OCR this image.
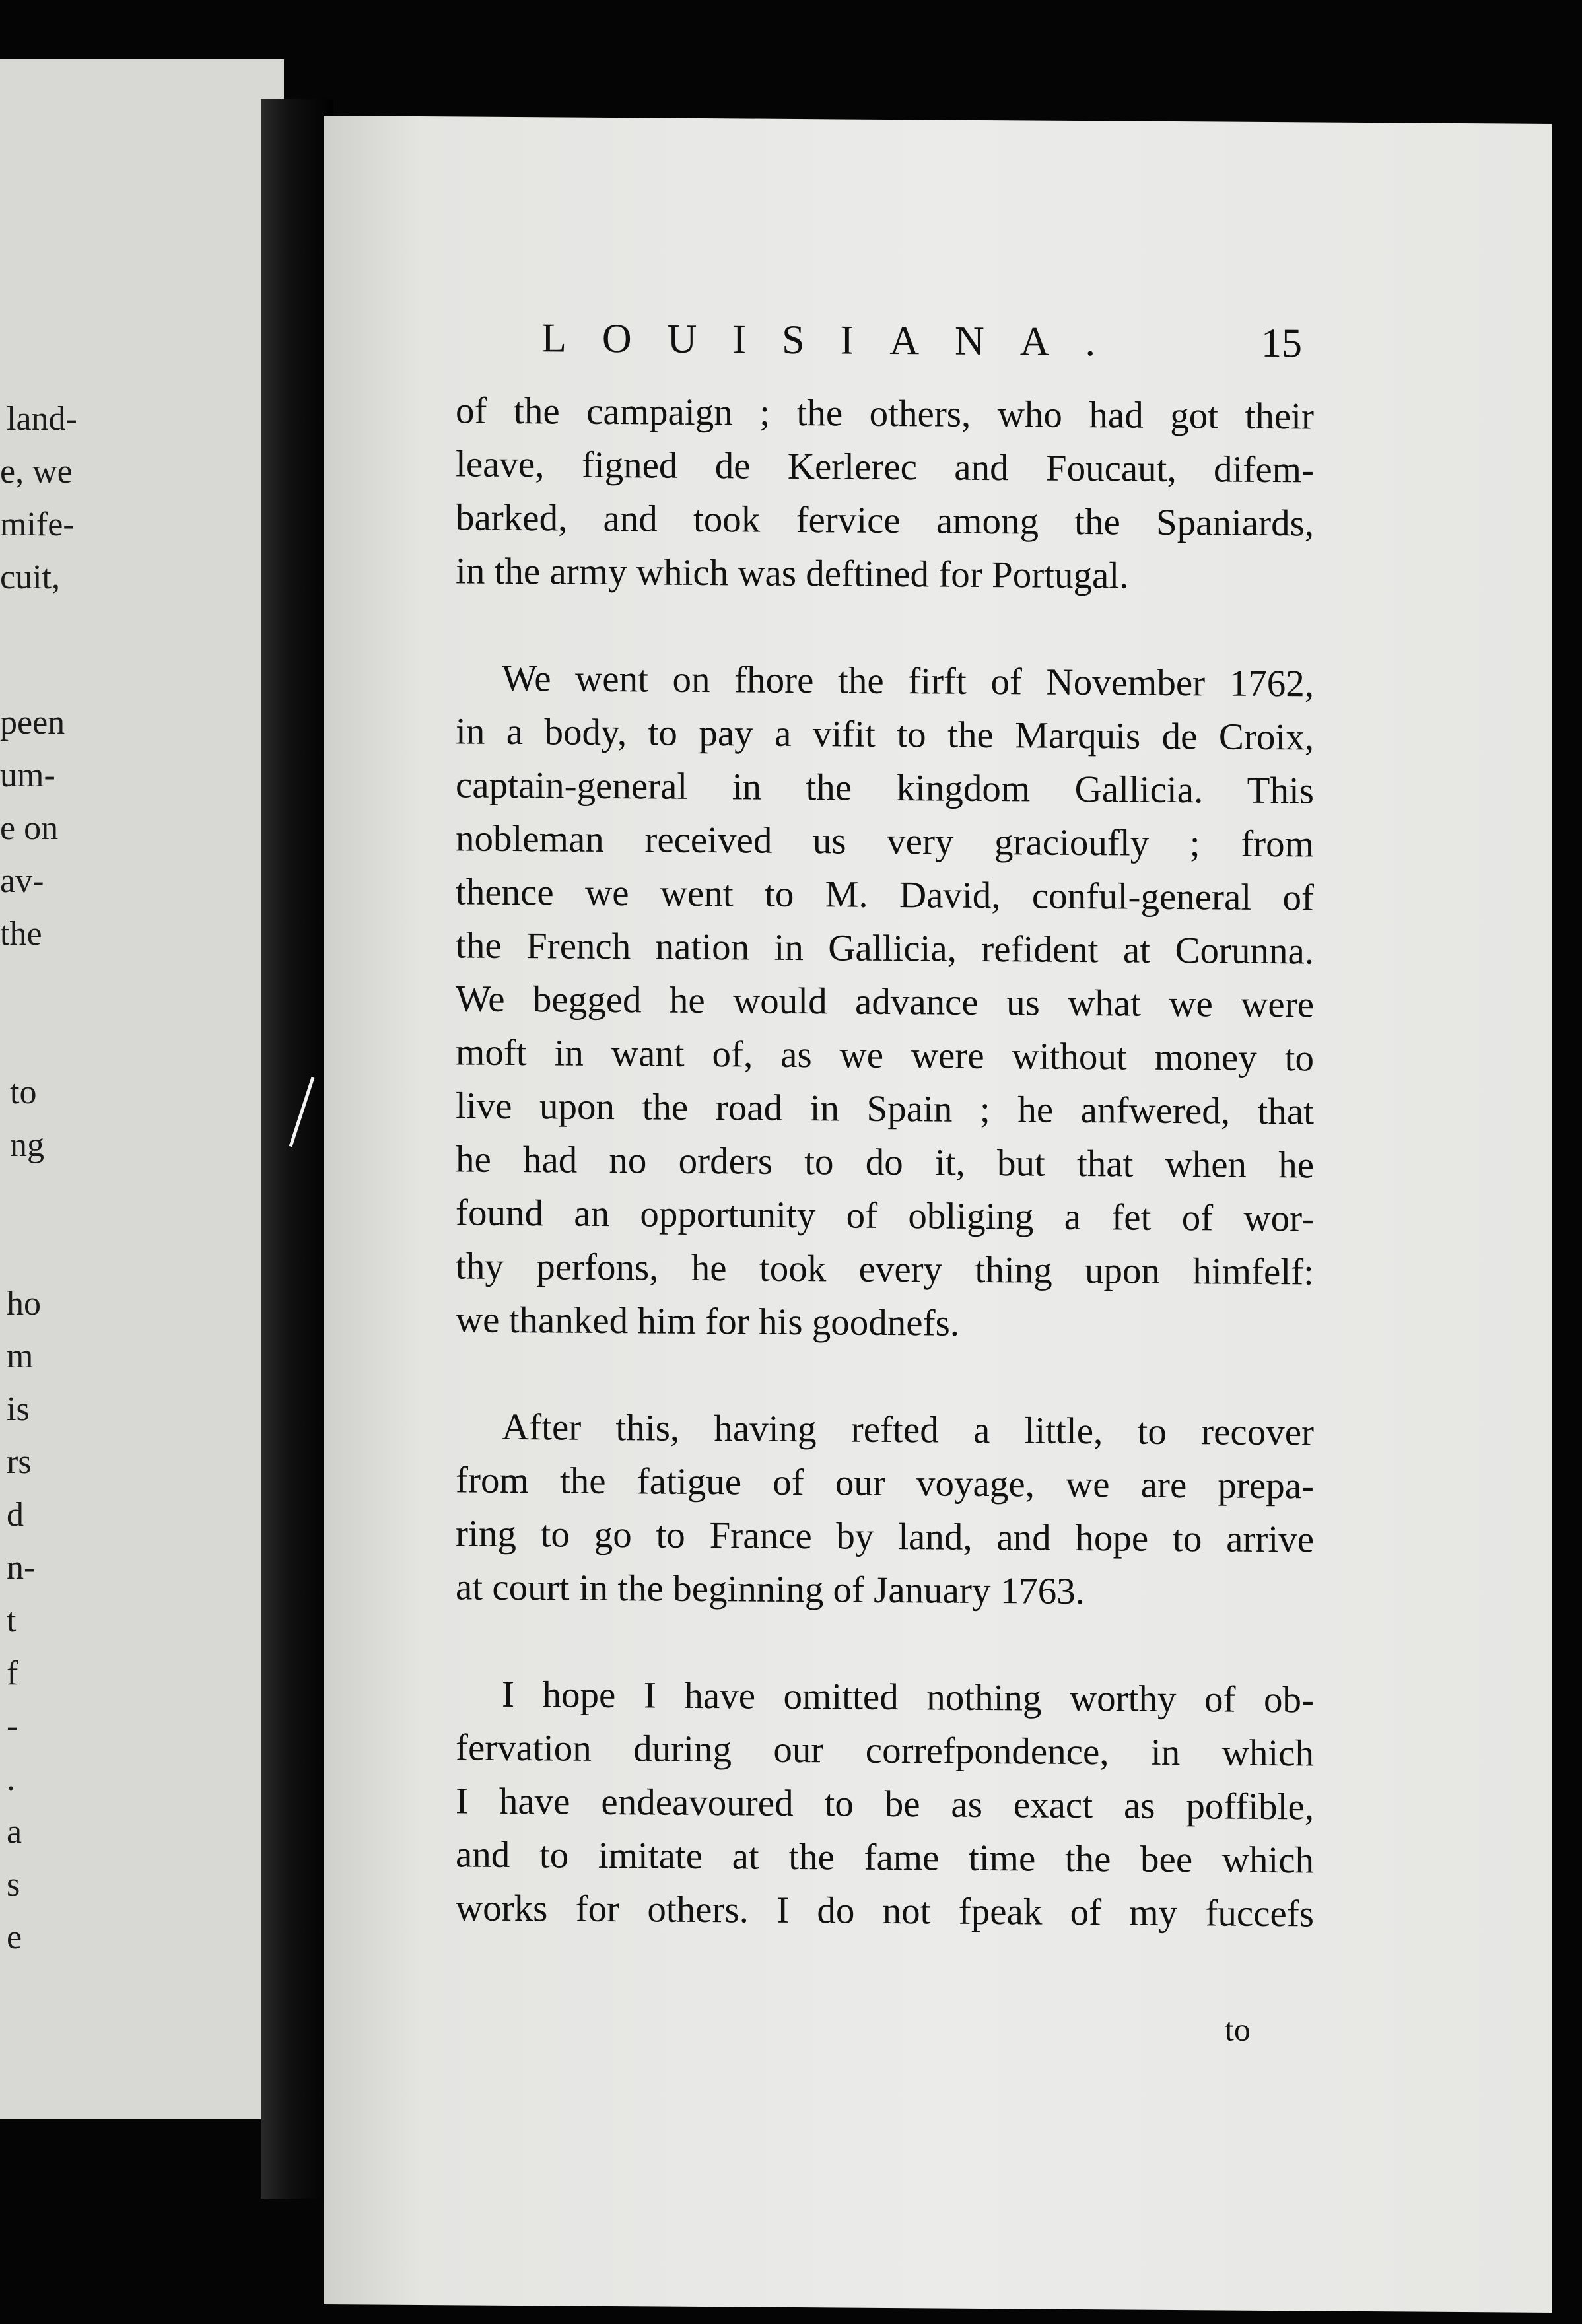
land-
e, we
mife-
cuit,
peen
um-
e on
av-
the
to
ng
ho
m
is
rs
d
n-
t
f
-
.
a
s
e
LOUISIANA.	15

of the campaign ; the others, who had got their

leave, figned de Kerlerec and Foucaut, difem-

barked, and took fervice among the Spaniards,

in the army which was deftined for Portugal.

We went on fhore the firft of November 1762,

in a body, to pay a vifit to the Marquis de Croix,

captain-general in the kingdom Gallicia. This

nobleman received us very gracioufly ; from

thence we went to M. David, conful-general of

the French nation in Gallicia, refident at Corunna.

We begged he would advance us what we were

moft in want of, as we were without money to

live upon the road in Spain ; he anfwered, that

he had no orders to do it, but that when he

found an opportunity of obliging a fet of wor-

thy perfons, he took every thing upon himfelf:

we thanked him for his goodnefs.

After this, having refted a little, to recover

from the fatigue of our voyage, we are prepa-

ring to go to France by land, and hope to arrive

at court in the beginning of January 1763.

I hope I have omitted nothing worthy of ob-

fervation during our correfpondence, in which

I have endeavoured to be as exact as poffible,

and to imitate at the fame time the bee which

works for others. I do not fpeak of my fuccefs

to
